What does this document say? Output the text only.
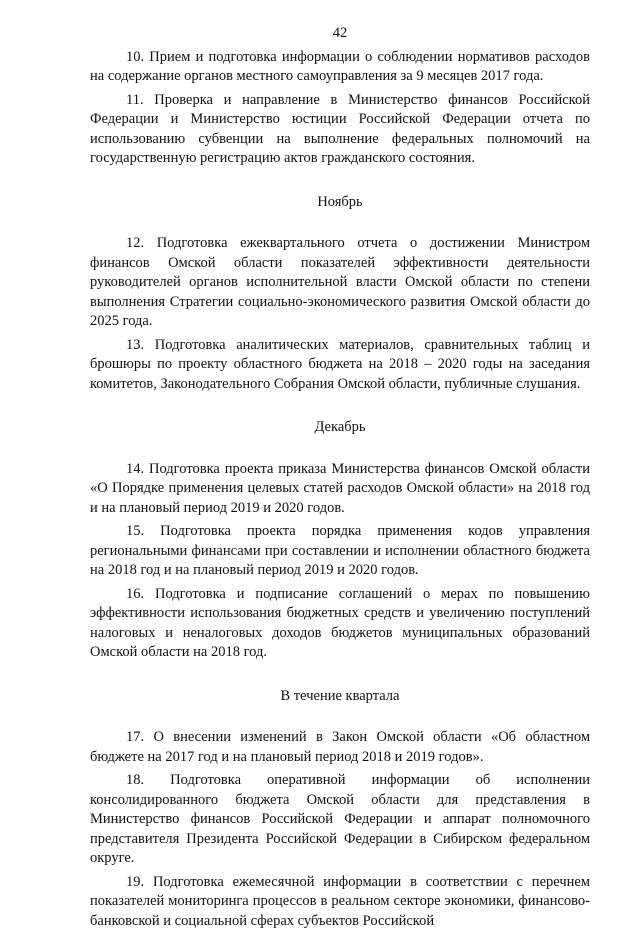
42

10. Прием и подготовка информации о соблюдении нормативов расходов на содержание органов местного самоуправления за 9 месяцев 2017 года.

11. Проверка и направление в Министерство финансов Российской Федерации и Министерство юстиции Российской Федерации отчета по использованию субвенции на выполнение федеральных полномочий на государственную регистрацию актов гражданского состояния.

Ноябрь

12. Подготовка ежеквартального отчета о достижении Министром финансов Омской области показателей эффективности деятельности руководителей органов исполнительной власти Омской области по степени выполнения Стратегии социально-экономического развития Омской области до 2025 года.

13. Подготовка аналитических материалов, сравнительных таблиц и брошюры по проекту областного бюджета на 2018 – 2020 годы на заседания комитетов, Законодательного Собрания Омской области, публичные слушания.

Декабрь

14. Подготовка проекта приказа Министерства финансов Омской области «О Порядке применения целевых статей расходов Омской области» на 2018 год и на плановый период 2019 и 2020 годов.

15. Подготовка проекта порядка применения кодов управления региональными финансами при составлении и исполнении областного бюджета на 2018 год и на плановый период 2019 и 2020 годов.

16. Подготовка и подписание соглашений о мерах по повышению эффективности использования бюджетных средств и увеличению поступлений налоговых и неналоговых доходов бюджетов муниципальных образований Омской области на 2018 год.

В течение квартала

17. О внесении изменений в Закон Омской области «Об областном бюджете на 2017 год и на плановый период 2018 и 2019 годов».

18. Подготовка оперативной информации об исполнении консолидированного бюджета Омской области для представления в Министерство финансов Российской Федерации и аппарат полномочного представителя Президента Российской Федерации в Сибирском федеральном округе.

19. Подготовка ежемесячной информации в соответствии с перечнем показателей мониторинга процессов в реальном секторе экономики, финансово-банковской и социальной сферах субъектов Российской
